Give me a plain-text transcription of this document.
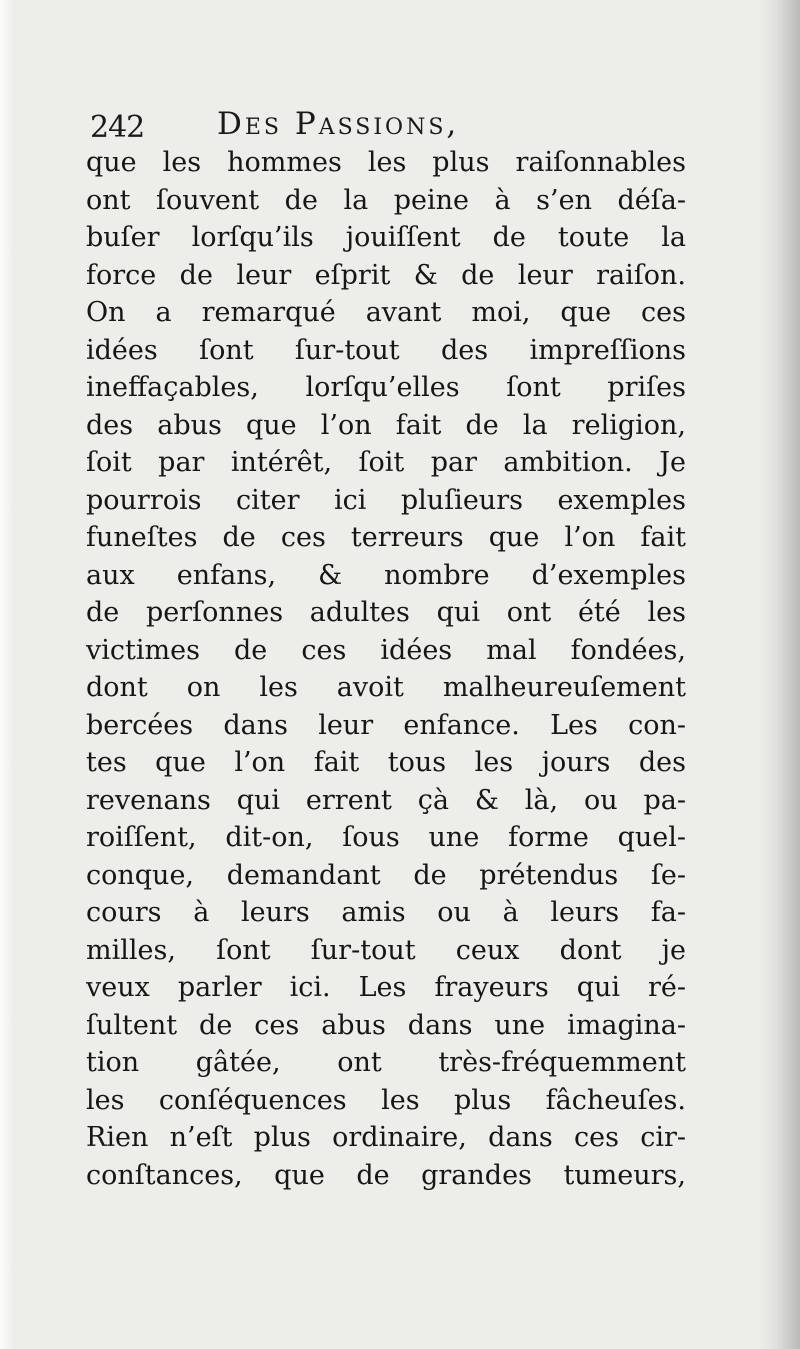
242 Des Passions,
que les hommes les plus raiſonnables
ont ſouvent de la peine à s’en déſa-
buſer lorſqu’ils jouiſſent de toute la
force de leur eſprit & de leur raiſon.
On a remarqué avant moi, que ces
idées ſont ſur-tout des impreſſions
ineffaçables, lorſqu’elles ſont priſes
des abus que l’on fait de la religion,
ſoit par intérêt, ſoit par ambition. Je
pourrois citer ici pluſieurs exemples
funeſtes de ces terreurs que l’on fait
aux enfans, & nombre d’exemples
de perſonnes adultes qui ont été les
victimes de ces idées mal fondées,
dont on les avoit malheureuſement
bercées dans leur enfance. Les con-
tes que l’on fait tous les jours des
revenans qui errent çà & là, ou pa-
roiſſent, dit-on, ſous une forme quel-
conque, demandant de prétendus ſe-
cours à leurs amis ou à leurs fa-
milles, ſont ſur-tout ceux dont je
veux parler ici. Les frayeurs qui ré-
ſultent de ces abus dans une imagina-
tion gâtée, ont très-fréquemment
les conſéquences les plus fâcheuſes.
Rien n’eſt plus ordinaire, dans ces cir-
conſtances, que de grandes tumeurs,
